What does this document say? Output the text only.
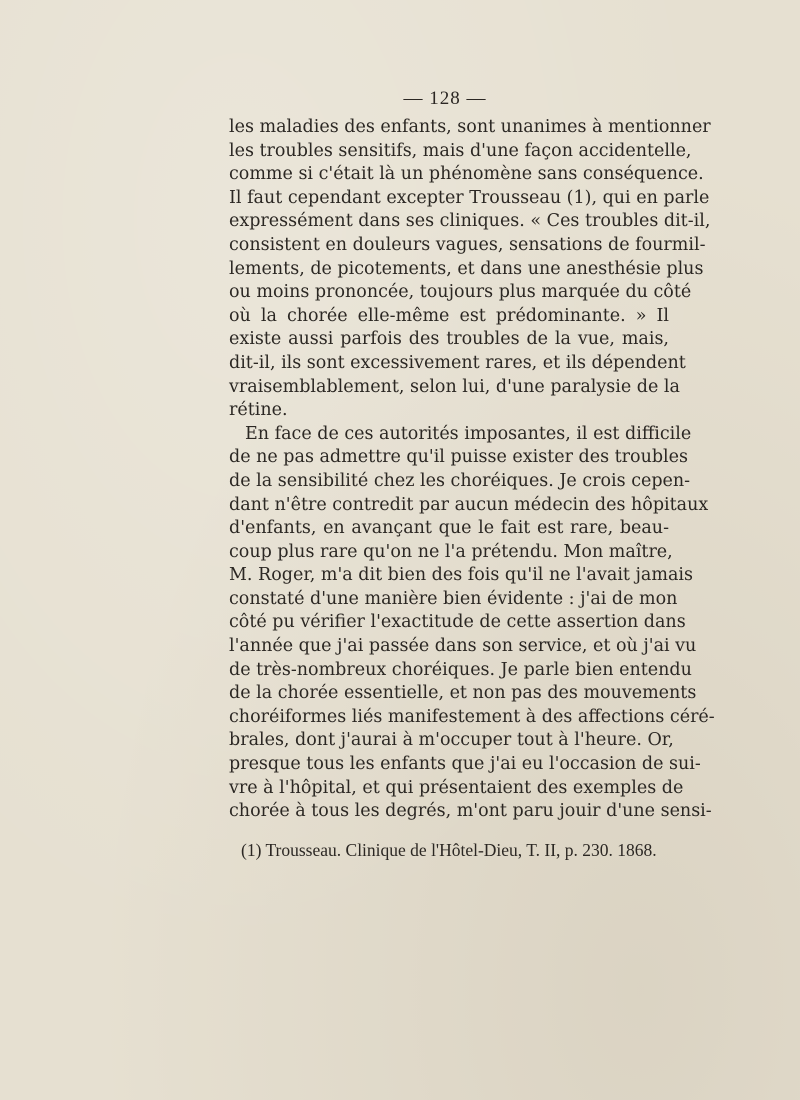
— 128 —
les maladies des enfants, sont unanimes à mentionner
les troubles sensitifs, mais d'une façon accidentelle,
comme si c'était là un phénomène sans conséquence.
Il faut cependant excepter Trousseau (1), qui en parle
expressément dans ses cliniques. « Ces troubles dit-il,
consistent en douleurs vagues, sensations de fourmil-
lements, de picotements, et dans une anesthésie plus
ou moins prononcée, toujours plus marquée du côté
où la chorée elle-même est prédominante. » Il
existe aussi parfois des troubles de la vue, mais,
dit-il, ils sont excessivement rares, et ils dépendent
vraisemblablement, selon lui, d'une paralysie de la
rétine.
En face de ces autorités imposantes, il est difficile
de ne pas admettre qu'il puisse exister des troubles
de la sensibilité chez les choréiques. Je crois cepen-
dant n'être contredit par aucun médecin des hôpitaux
d'enfants, en avançant que le fait est rare, beau-
coup plus rare qu'on ne l'a prétendu. Mon maître,
M. Roger, m'a dit bien des fois qu'il ne l'avait jamais
constaté d'une manière bien évidente : j'ai de mon
côté pu vérifier l'exactitude de cette assertion dans
l'année que j'ai passée dans son service, et où j'ai vu
de très-nombreux choréiques. Je parle bien entendu
de la chorée essentielle, et non pas des mouvements
choréiformes liés manifestement à des affections céré-
brales, dont j'aurai à m'occuper tout à l'heure. Or,
presque tous les enfants que j'ai eu l'occasion de sui-
vre à l'hôpital, et qui présentaient des exemples de
chorée à tous les degrés, m'ont paru jouir d'une sensi-
(1) Trousseau. Clinique de l'Hôtel-Dieu, T. II, p. 230. 1868.
